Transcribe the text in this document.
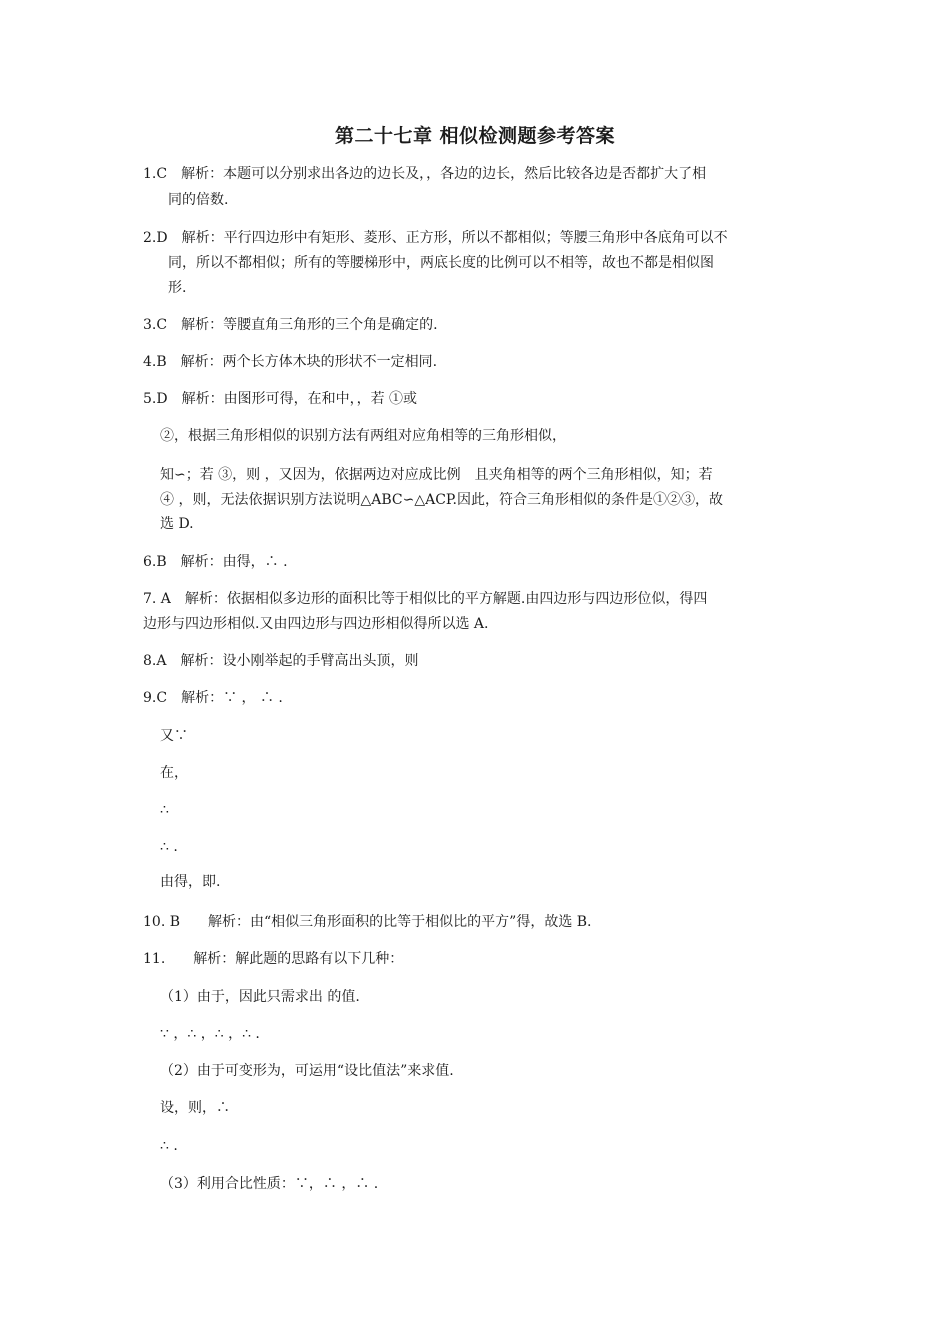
第二十七章 相似检测题参考答案
1.C　解析：本题可以分别求出各边的边长及，，各边的边长，然后比较各边是否都扩大了相
同的倍数.
2.D　解析：平行四边形中有矩形、菱形、正方形，所以不都相似；等腰三角形中各底角可以不
同，所以不都相似；所有的等腰梯形中，两底长度的比例可以不相等，故也不都是相似图
形.
3.C　解析：等腰直角三角形的三个角是确定的.
4.B　解析：两个长方体木块的形状不一定相同.
5.D　解析：由图形可得，在和中，，若 ①或
②，根据三角形相似的识别方法有两组对应角相等的三角形相似，
知∽；若 ③，则 ，又因为，依据两边对应成比例　且夹角相等的两个三角形相似，知；若
④ ，则，无法依据识别方法说明△ABC∽△ACP.因此，符合三角形相似的条件是①②③，故
选 D.
6.B　解析：由得，∴ .
7. A　解析：依据相似多边形的面积比等于相似比的平方解题.由四边形与四边形位似，得四
边形与四边形相似.又由四边形与四边形相似得所以选 A.
8.A　解析：设小刚举起的手臂高出头顶，则
9.C　解析：∵ ， ∴ .
又∵
在，
∴
∴ .
由得，即.
10. B　　解析：由“相似三角形面积的比等于相似比的平方”得，故选 B.
11.　　解析：解此题的思路有以下几种：
（1）由于，因此只需求出 的值.
∵ ，∴ ，∴ ，∴ .
（2）由于可变形为，可运用“设比值法”来求值.
设，则，∴
∴ .
（3）利用合比性质：∵，∴ ，∴ .
